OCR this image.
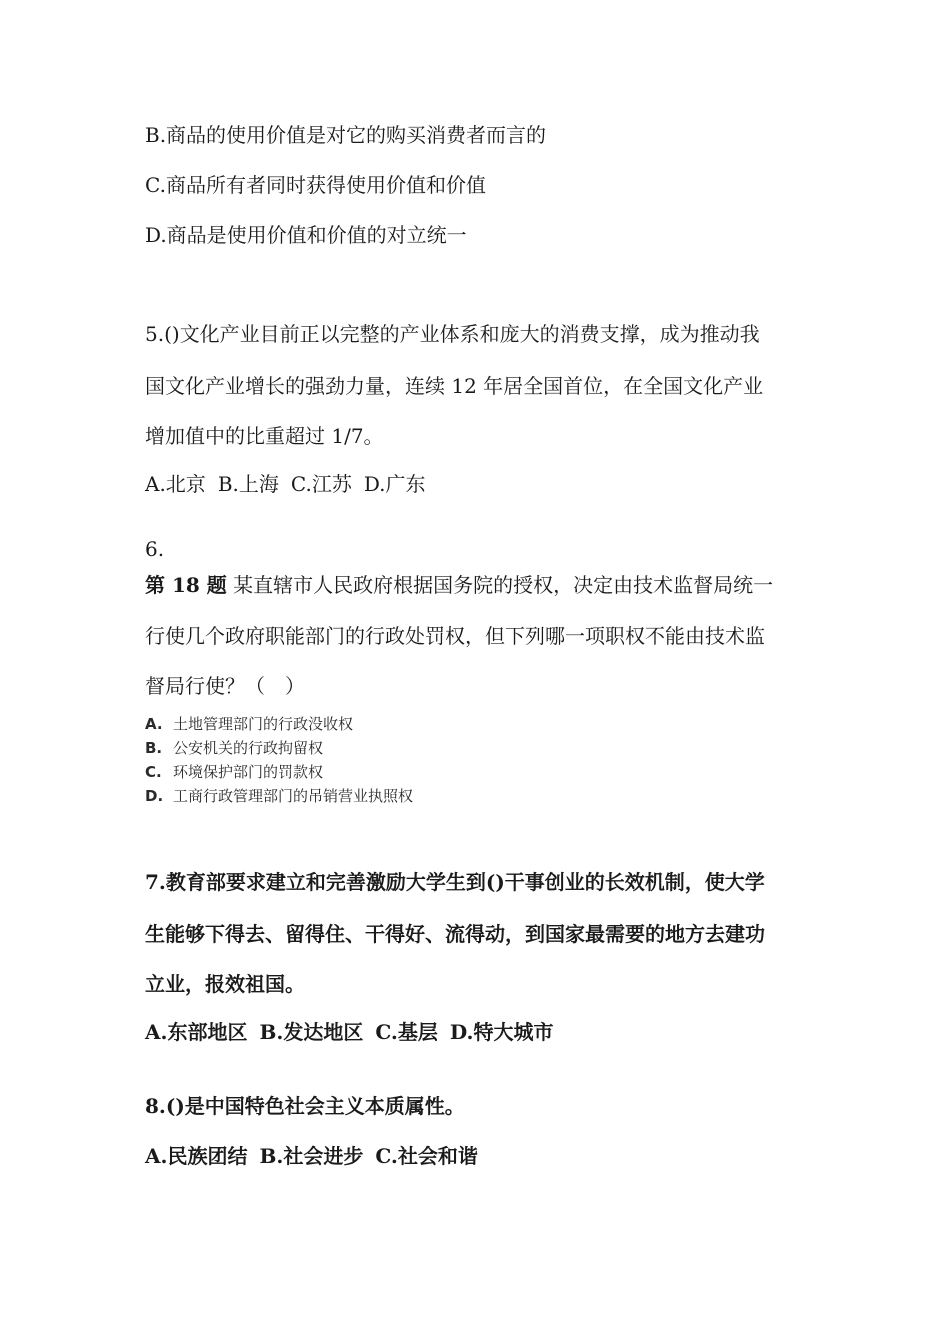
B.商品的使用价值是对它的购买消费者而言的
C.商品所有者同时获得使用价值和价值
D.商品是使用价值和价值的对立统一
5.()文化产业目前正以完整的产业体系和庞大的消费支撑，成为推动我
国文化产业增长的强劲力量，连续 12 年居全国首位，在全国文化产业
增加值中的比重超过 1/7。
A.北京 B.上海 C.江苏 D.广东
6.
第 18 题 某直辖市人民政府根据国务院的授权，决定由技术监督局统一
行使几个政府职能部门的行政处罚权，但下列哪一项职权不能由技术监
督局行使？（　）
A. 土地管理部门的行政没收权
B. 公安机关的行政拘留权
C. 环境保护部门的罚款权
D. 工商行政管理部门的吊销营业执照权
7.教育部要求建立和完善激励大学生到()干事创业的长效机制，使大学
生能够下得去、留得住、干得好、流得动，到国家最需要的地方去建功
立业，报效祖国。
A.东部地区 B.发达地区 C.基层 D.特大城市
8.()是中国特色社会主义本质属性。
A.民族团结 B.社会进步 C.社会和谐
